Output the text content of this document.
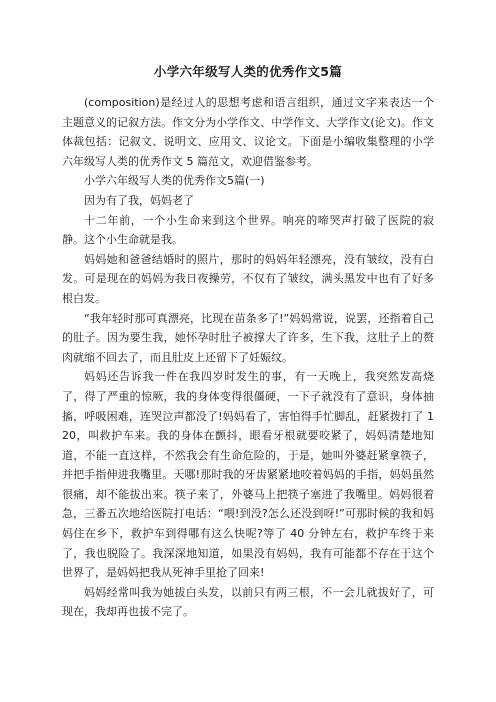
小学六年级写人类的优秀作文5篇

(composition)是经过人的思想考虑和语言组织，通过文字来表达一个主题意义的记叙方法。作文分为小学作文、中学作文、大学作文(论文)。作文体裁包括：记叙文、说明文、应用文、议论文。下面是小编收集整理的小学六年级写人类的优秀作文 5 篇范文，欢迎借鉴参考。

小学六年级写人类的优秀作文5篇(一)

因为有了我，妈妈老了

十二年前，一个小生命来到这个世界。响亮的啼哭声打破了医院的寂静。这个小生命就是我。

妈妈她和爸爸结婚时的照片，那时的妈妈年轻漂亮，没有皱纹，没有白发。可是现在的妈妈为我日夜操劳，不仅有了皱纹，满头黑发中也有了好多根白发。

“我年轻时那可真漂亮，比现在苗条多了!”妈妈常说，说罢，还指着自己的肚子。因为要生我，她怀孕时肚子被撑大了许多，生下我，这肚子上的赘肉就缩不回去了，而且肚皮上还留下了妊娠纹。

妈妈还告诉我一件在我四岁时发生的事，有一天晚上，我突然发高烧了，得了严重的惊厥，我的身体变得很僵硬，一下子就没有了意识，身体抽搐，呼吸困难，连哭泣声都没了!妈妈看了，害怕得手忙脚乱，赶紧拨打了 120，叫救护车来。我的身体在颤抖，眼看牙根就要咬紧了，妈妈清楚地知道，不能一直这样，不然我会有生命危险的，于是，她叫外婆赶紧拿筷子，并把手指伸进我嘴里。天哪!那时我的牙齿紧紧地咬着妈妈的手指，妈妈虽然很痛，却不能拔出来。筷子来了，外婆马上把筷子塞进了我嘴里。妈妈很着急，三番五次地给医院打电话：“喂!到没?怎么还没到呀!”可那时候的我和妈妈住在乡下，救护车到得哪有这么快呢?等了 40 分钟左右，救护车终于来了，我也脱险了。我深深地知道，如果没有妈妈，我有可能都不存在于这个世界了，是妈妈把我从死神手里抢了回来!

妈妈经常叫我为她拔白头发，以前只有两三根，不一会儿就拔好了，可现在，我却再也拔不完了。
